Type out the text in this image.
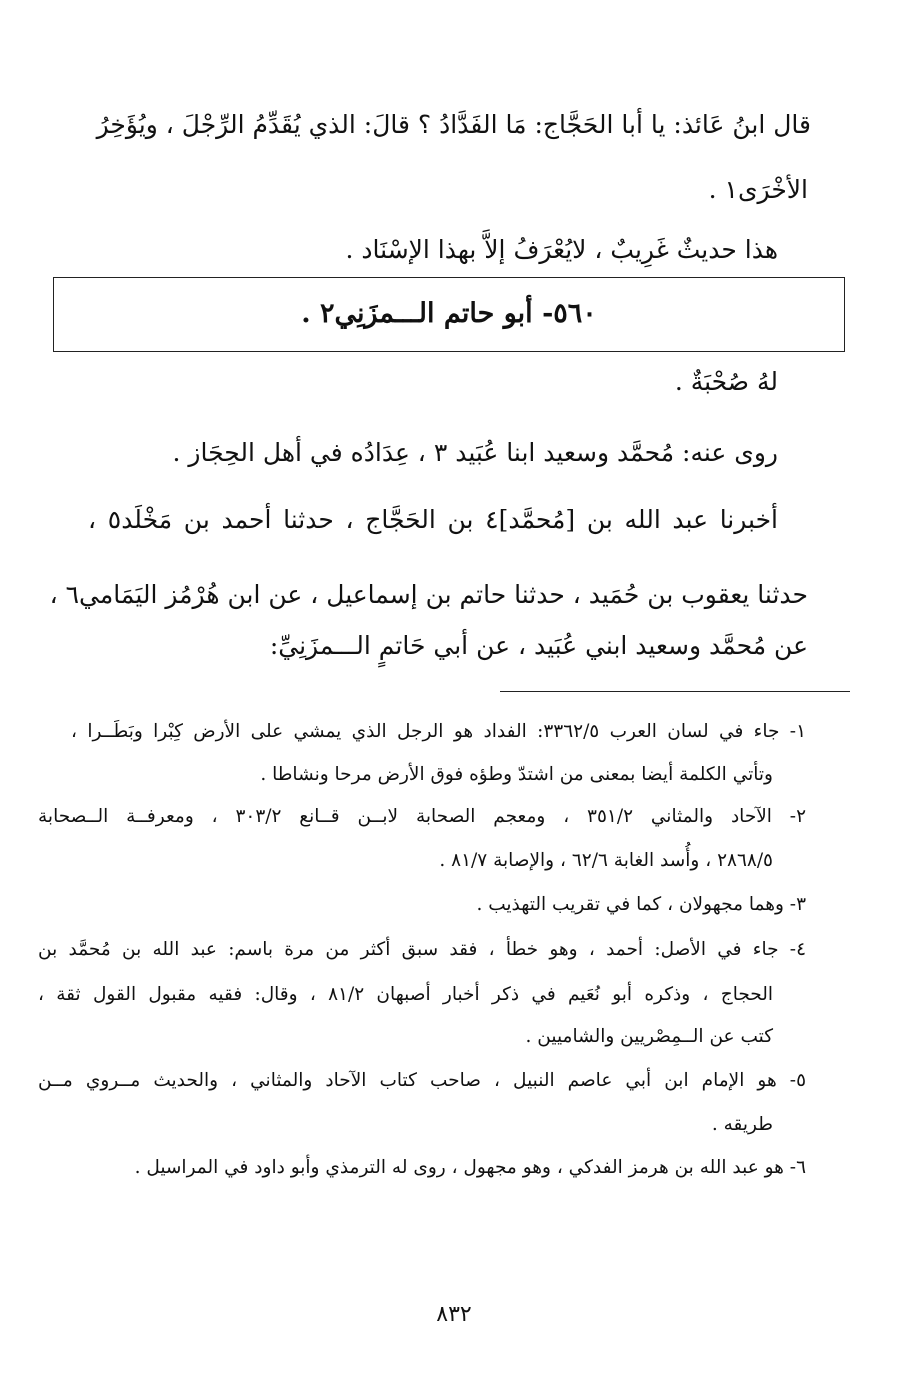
قال ابنُ عَائذ: يا أبا الحَجَّاج: مَا الفَدَّادُ ؟ قالَ: الذي يُقَدِّمُ الرِّجْلَ ، ويُؤَخِرُ
الأخْرَى١ .
هذا حديثٌ غَرِيبٌ ، لايُعْرَفُ إلاَّ بهذا الإسْنَاد .
٥٦٠- أبو حاتم الـــمزَنِي٢ .
لهُ صُحْبَةٌ .
روى عنه: مُحمَّد وسعيد ابنا عُبَيد ٣ ، عِدَادُه في أهل الحِجَاز .
أخبرنا عبد الله بن [مُحمَّد]٤ بن الحَجَّاج ، حدثنا أحمد بن مَخْلَد٥ ،
حدثنا يعقوب بن حُمَيد ، حدثنا حاتم بن إسماعيل ، عن ابن هُرْمُز اليَمَامي٦ ،
عن مُحمَّد وسعيد ابني عُبَيد ، عن أبي حَاتمٍ الـــمزَنِيِّ:
١- جاء في لسان العرب ٣٣٦٢/٥: الفداد هو الرجل الذي يمشي على الأرض كِبْرا وبَطَــرا ،
وتأتي الكلمة أيضا بمعنى من اشتدّ وطؤه فوق الأرض مرحا ونشاطا .
٢- الآحاد والمثاني ٣٥١/٢ ، ومعجم الصحابة لابــن قــانع ٣٠٣/٢ ، ومعرفــة الــصحابة
٢٨٦٨/٥ ، وأُسد الغابة ٦٢/٦ ، والإصابة ٨١/٧ .
٣- وهما مجهولان ، كما في تقريب التهذيب .
٤- جاء في الأصل: أحمد ، وهو خطأ ، فقد سبق أكثر من مرة باسم: عبد الله بن مُحمَّد بن
الحجاج ، وذكره أبو نُعَيم في ذكر أخبار أصبهان ٨١/٢ ، وقال: فقيه مقبول القول ثقة ،
كتب عن الــمِصْريين والشاميين .
٥- هو الإمام ابن أبي عاصم النبيل ، صاحب كتاب الآحاد والمثاني ، والحديث مــروي مــن
طريقه .
٦- هو عبد الله بن هرمز الفدكي ، وهو مجهول ، روى له الترمذي وأبو داود في المراسيل .
٨٣٢
